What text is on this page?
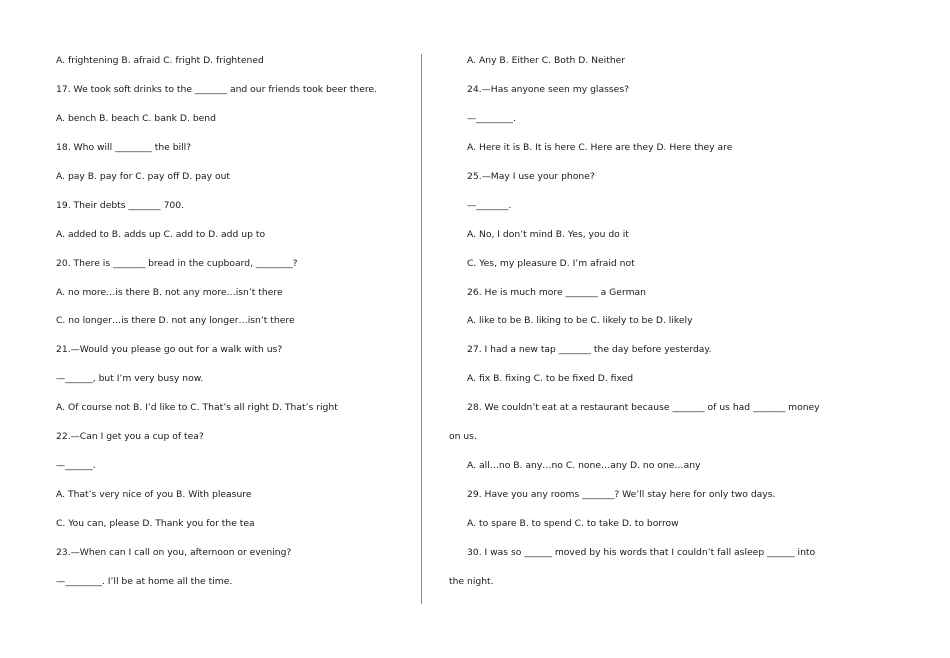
A. frightening B. afraid C. fright D. frightened
17. We took soft drinks to the _______ and our friends took beer there.
A. bench B. beach C. bank D. bend
18. Who will ________ the bill?
A. pay B. pay for C. pay off D. pay out
19. Their debts _______ 700.
A. added to B. adds up C. add to D. add up to
20. There is _______ bread in the cupboard, ________?
A. no more…is there B. not any more…isn’t there
C. no longer…is there D. not any longer…isn’t there
21.—Would you please go out for a walk with us?
—______, but I’m very busy now.
A. Of course not B. I’d like to C. That’s all right D. That’s right
22.—Can I get you a cup of tea?
—______.
A. That’s very nice of you B. With pleasure
C. You can, please D. Thank you for the tea
23.—When can I call on you, afternoon or evening?
—________. I’ll be at home all the time.
A. Any B. Either C. Both D. Neither
24.—Has anyone seen my glasses?
—________.
A. Here it is B. It is here C. Here are they D. Here they are
25.—May I use your phone?
—_______.
A. No, I don’t mind B. Yes, you do it
C. Yes, my pleasure D. I’m afraid not
26. He is much more _______ a German
A. like to be B. liking to be C. likely to be D. likely
27. I had a new tap _______ the day before yesterday.
A. fix B. fixing C. to be fixed D. fixed
28. We couldn’t eat at a restaurant because _______ of us had _______ money
on us.
A. all…no B. any…no C. none…any D. no one…any
29. Have you any rooms _______? We’ll stay here for only two days.
A. to spare B. to spend C. to take D. to borrow
30. I was so ______ moved by his words that I couldn’t fall asleep ______ into
the night.
